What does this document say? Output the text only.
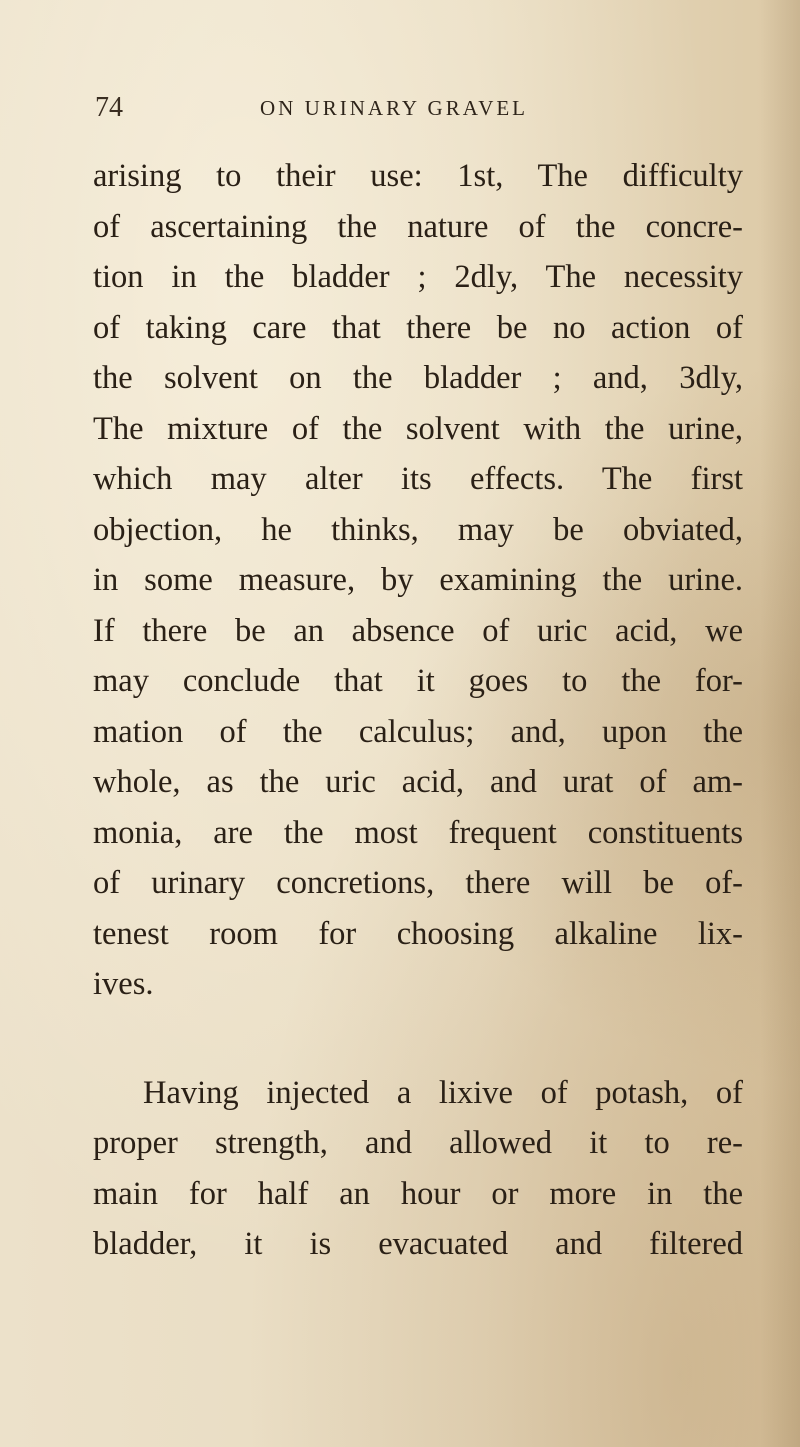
74	ON URINARY GRAVEL
arising to their use: 1st, The difficulty
of ascertaining the nature of the concre-
tion in the bladder ; 2dly, The necessity
of taking care that there be no action of
the solvent on the bladder ; and, 3dly,
The mixture of the solvent with the urine,
which may alter its effects. The first
objection, he thinks, may be obviated,
in some measure, by examining the urine.
If there be an absence of uric acid, we
may conclude that it goes to the for-
mation of the calculus; and, upon the
whole, as the uric acid, and urat of am-
monia, are the most frequent constituents
of urinary concretions, there will be of-
tenest room for choosing alkaline lix-
ives.
Having injected a lixive of potash, of
proper strength, and allowed it to re-
main for half an hour or more in the
bladder, it is evacuated and filtered
